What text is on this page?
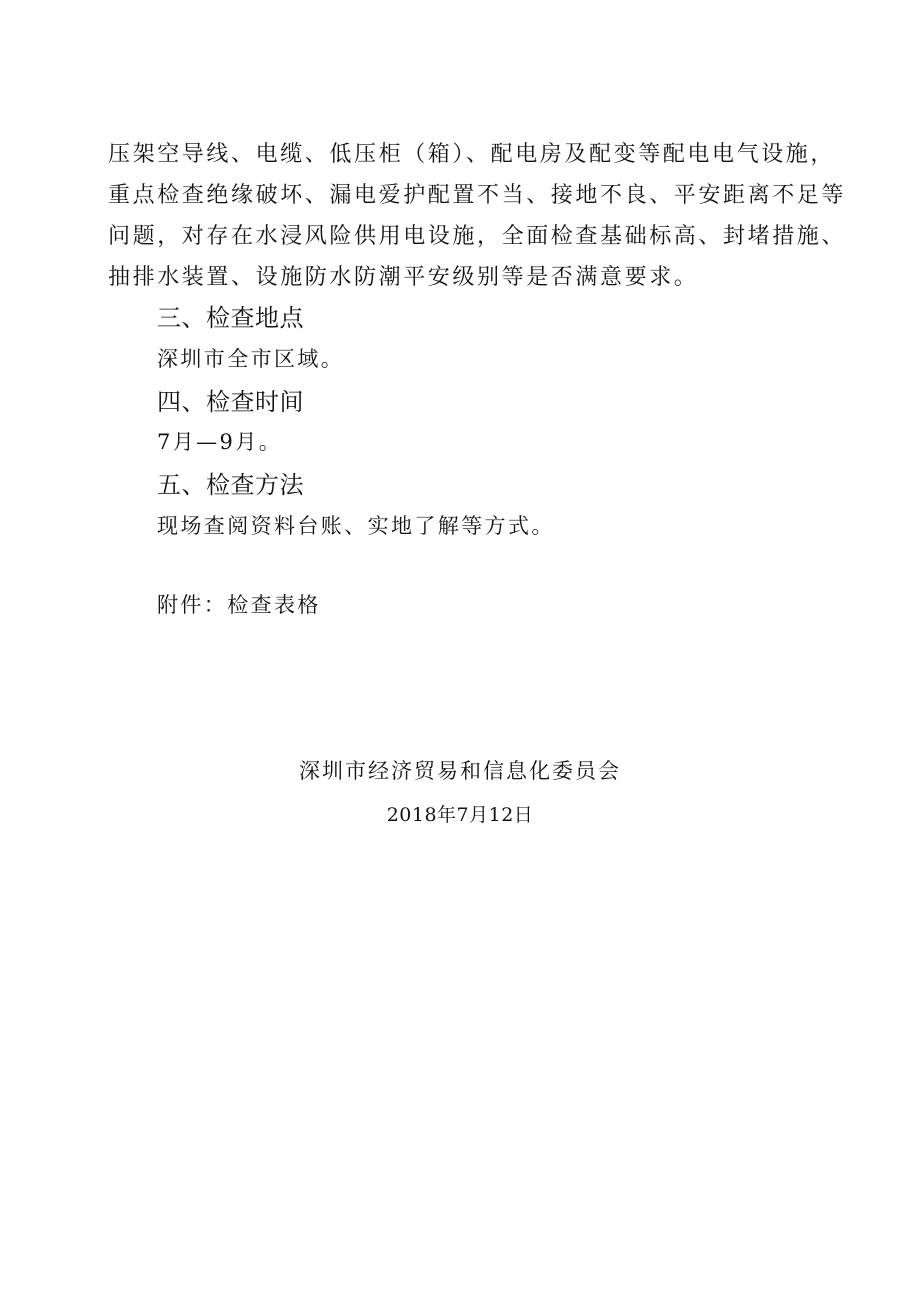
压架空导线、电缆、低压柜（箱）、配电房及配变等配电电气设施，
重点检查绝缘破坏、漏电爱护配置不当、接地不良、平安距离不足等
问题，对存在水浸风险供用电设施，全面检查基础标高、封堵措施、
抽排水装置、设施防水防潮平安级别等是否满意要求。

三、检查地点

深圳市全市区域。

四、检查时间

7月—9月。

五、检查方法

现场查阅资料台账、实地了解等方式。

附件：检查表格

深圳市经济贸易和信息化委员会

2018年7月12日
